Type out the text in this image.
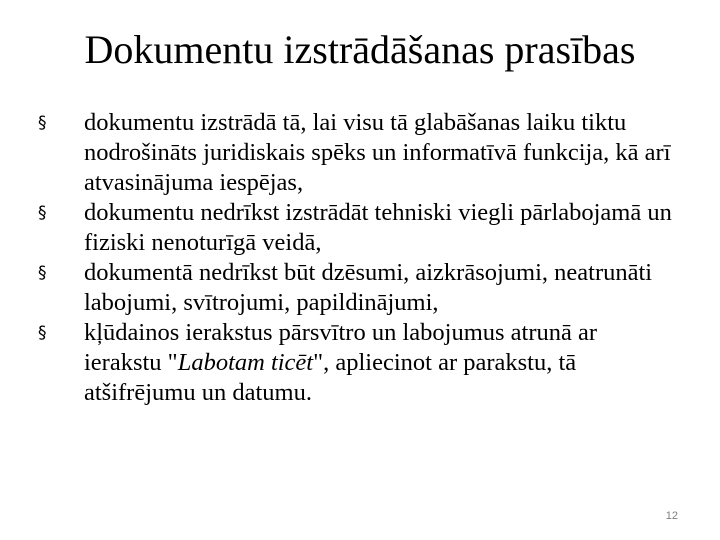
Dokumentu izstrādāšanas prasības
§	dokumentu izstrādā tā, lai visu tā glabāšanas laiku tiktu nodrošināts juridiskais spēks un informatīvā funkcija, kā arī atvasinājuma iespējas,
§	dokumentu nedrīkst izstrādāt tehniski viegli pārlabojamā un fiziski nenoturīgā veidā,
§	dokumentā nedrīkst būt dzēsumi, aizkrāsojumi, neatrunāti labojumi, svītrojumi, papildinājumi,
§	kļūdainos ierakstus pārsvītro un labojumus atrunā ar ierakstu "Labotam ticēt", apliecinot ar parakstu, tā atšifrējumu un datumu.
12
